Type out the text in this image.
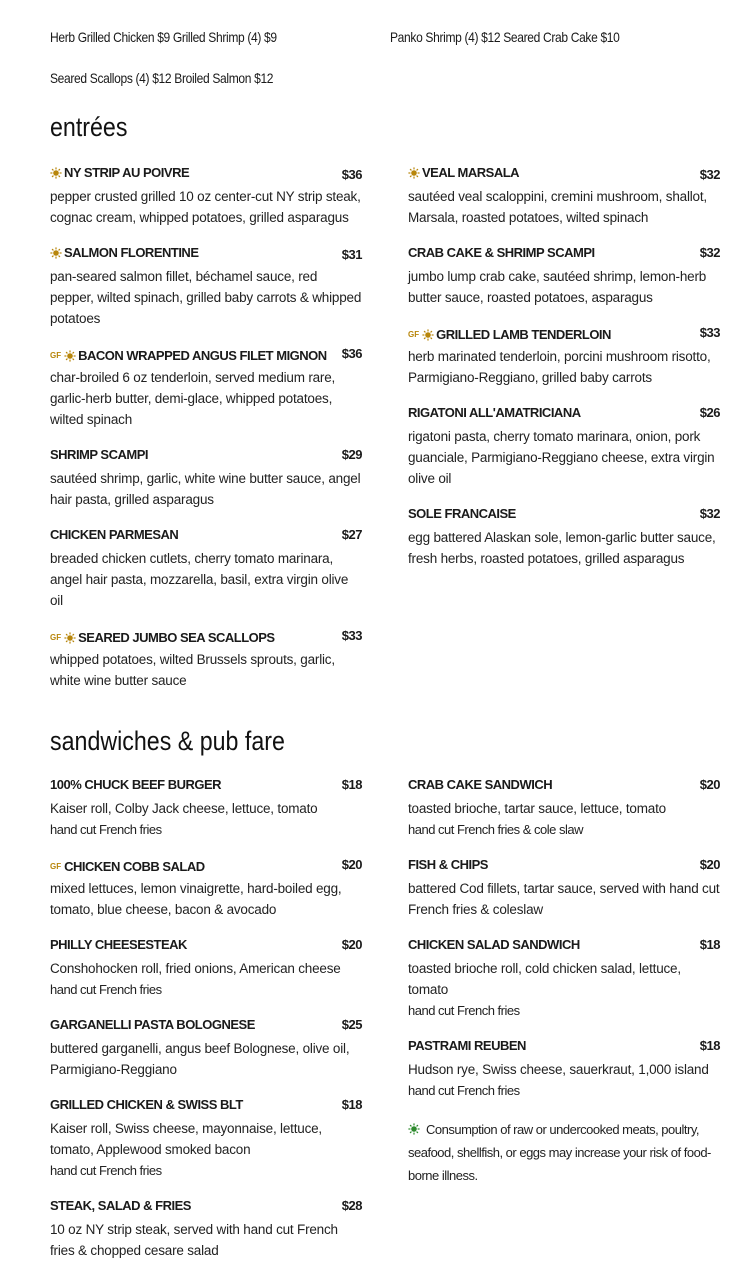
Herb Grilled Chicken $9 Grilled Shrimp (4) $9	Panko Shrimp (4) $12 Seared Crab Cake $10
Seared Scallops (4) $12 Broiled Salmon $12
entrées
NY STRIP AU POIVRE	$36
pepper crusted grilled 10 oz center-cut NY strip steak, cognac cream, whipped potatoes, grilled asparagus
SALMON FLORENTINE	$31
pan-seared salmon fillet, béchamel sauce, red pepper, wilted spinach, grilled baby carrots & whipped potatoes
GF BACON WRAPPED ANGUS FILET MIGNON $36
char-broiled 6 oz tenderloin, served medium rare, garlic-herb butter, demi-glace, whipped potatoes, wilted spinach
SHRIMP SCAMPI	$29
sautéed shrimp, garlic, white wine butter sauce, angel hair pasta, grilled asparagus
CHICKEN PARMESAN	$27
breaded chicken cutlets, cherry tomato marinara, angel hair pasta, mozzarella, basil, extra virgin olive oil
GF SEARED JUMBO SEA SCALLOPS	$33
whipped potatoes, wilted Brussels sprouts, garlic, white wine butter sauce
VEAL MARSALA	$32
sautéed veal scaloppini, cremini mushroom, shallot, Marsala, roasted potatoes, wilted spinach
CRAB CAKE & SHRIMP SCAMPI	$32
jumbo lump crab cake, sautéed shrimp, lemon-herb butter sauce, roasted potatoes, asparagus
GF GRILLED LAMB TENDERLOIN	$33
herb marinated tenderloin, porcini mushroom risotto, Parmigiano-Reggiano, grilled baby carrots
RIGATONI ALL'AMATRICIANA	$26
rigatoni pasta, cherry tomato marinara, onion, pork guanciale, Parmigiano-Reggiano cheese, extra virgin olive oil
SOLE FRANCAISE	$32
egg battered Alaskan sole, lemon-garlic butter sauce, fresh herbs, roasted potatoes, grilled asparagus
sandwiches & pub fare
100% CHUCK BEEF BURGER	$18
Kaiser roll, Colby Jack cheese, lettuce, tomato
hand cut French fries
GF CHICKEN COBB SALAD	$20
mixed lettuces, lemon vinaigrette, hard-boiled egg, tomato, blue cheese, bacon & avocado
PHILLY CHEESESTEAK	$20
Conshohocken roll, fried onions, American cheese
hand cut French fries
GARGANELLI PASTA BOLOGNESE	$25
buttered garganelli, angus beef Bolognese, olive oil, Parmigiano-Reggiano
GRILLED CHICKEN & SWISS BLT	$18
Kaiser roll, Swiss cheese, mayonnaise, lettuce, tomato, Applewood smoked bacon
hand cut French fries
STEAK, SALAD & FRIES	$28
10 oz NY strip steak, served with hand cut French fries & chopped cesare salad
CRAB CAKE SANDWICH	$20
toasted brioche, tartar sauce, lettuce, tomato
hand cut French fries & cole slaw
FISH & CHIPS	$20
battered Cod fillets, tartar sauce, served with hand cut French fries & coleslaw
CHICKEN SALAD SANDWICH	$18
toasted brioche roll, cold chicken salad, lettuce, tomato
hand cut French fries
PASTRAMI REUBEN	$18
Hudson rye, Swiss cheese, sauerkraut, 1,000 island
hand cut French fries
Consumption of raw or undercooked meats, poultry, seafood, shellfish, or eggs may increase your risk of food-borne illness.
